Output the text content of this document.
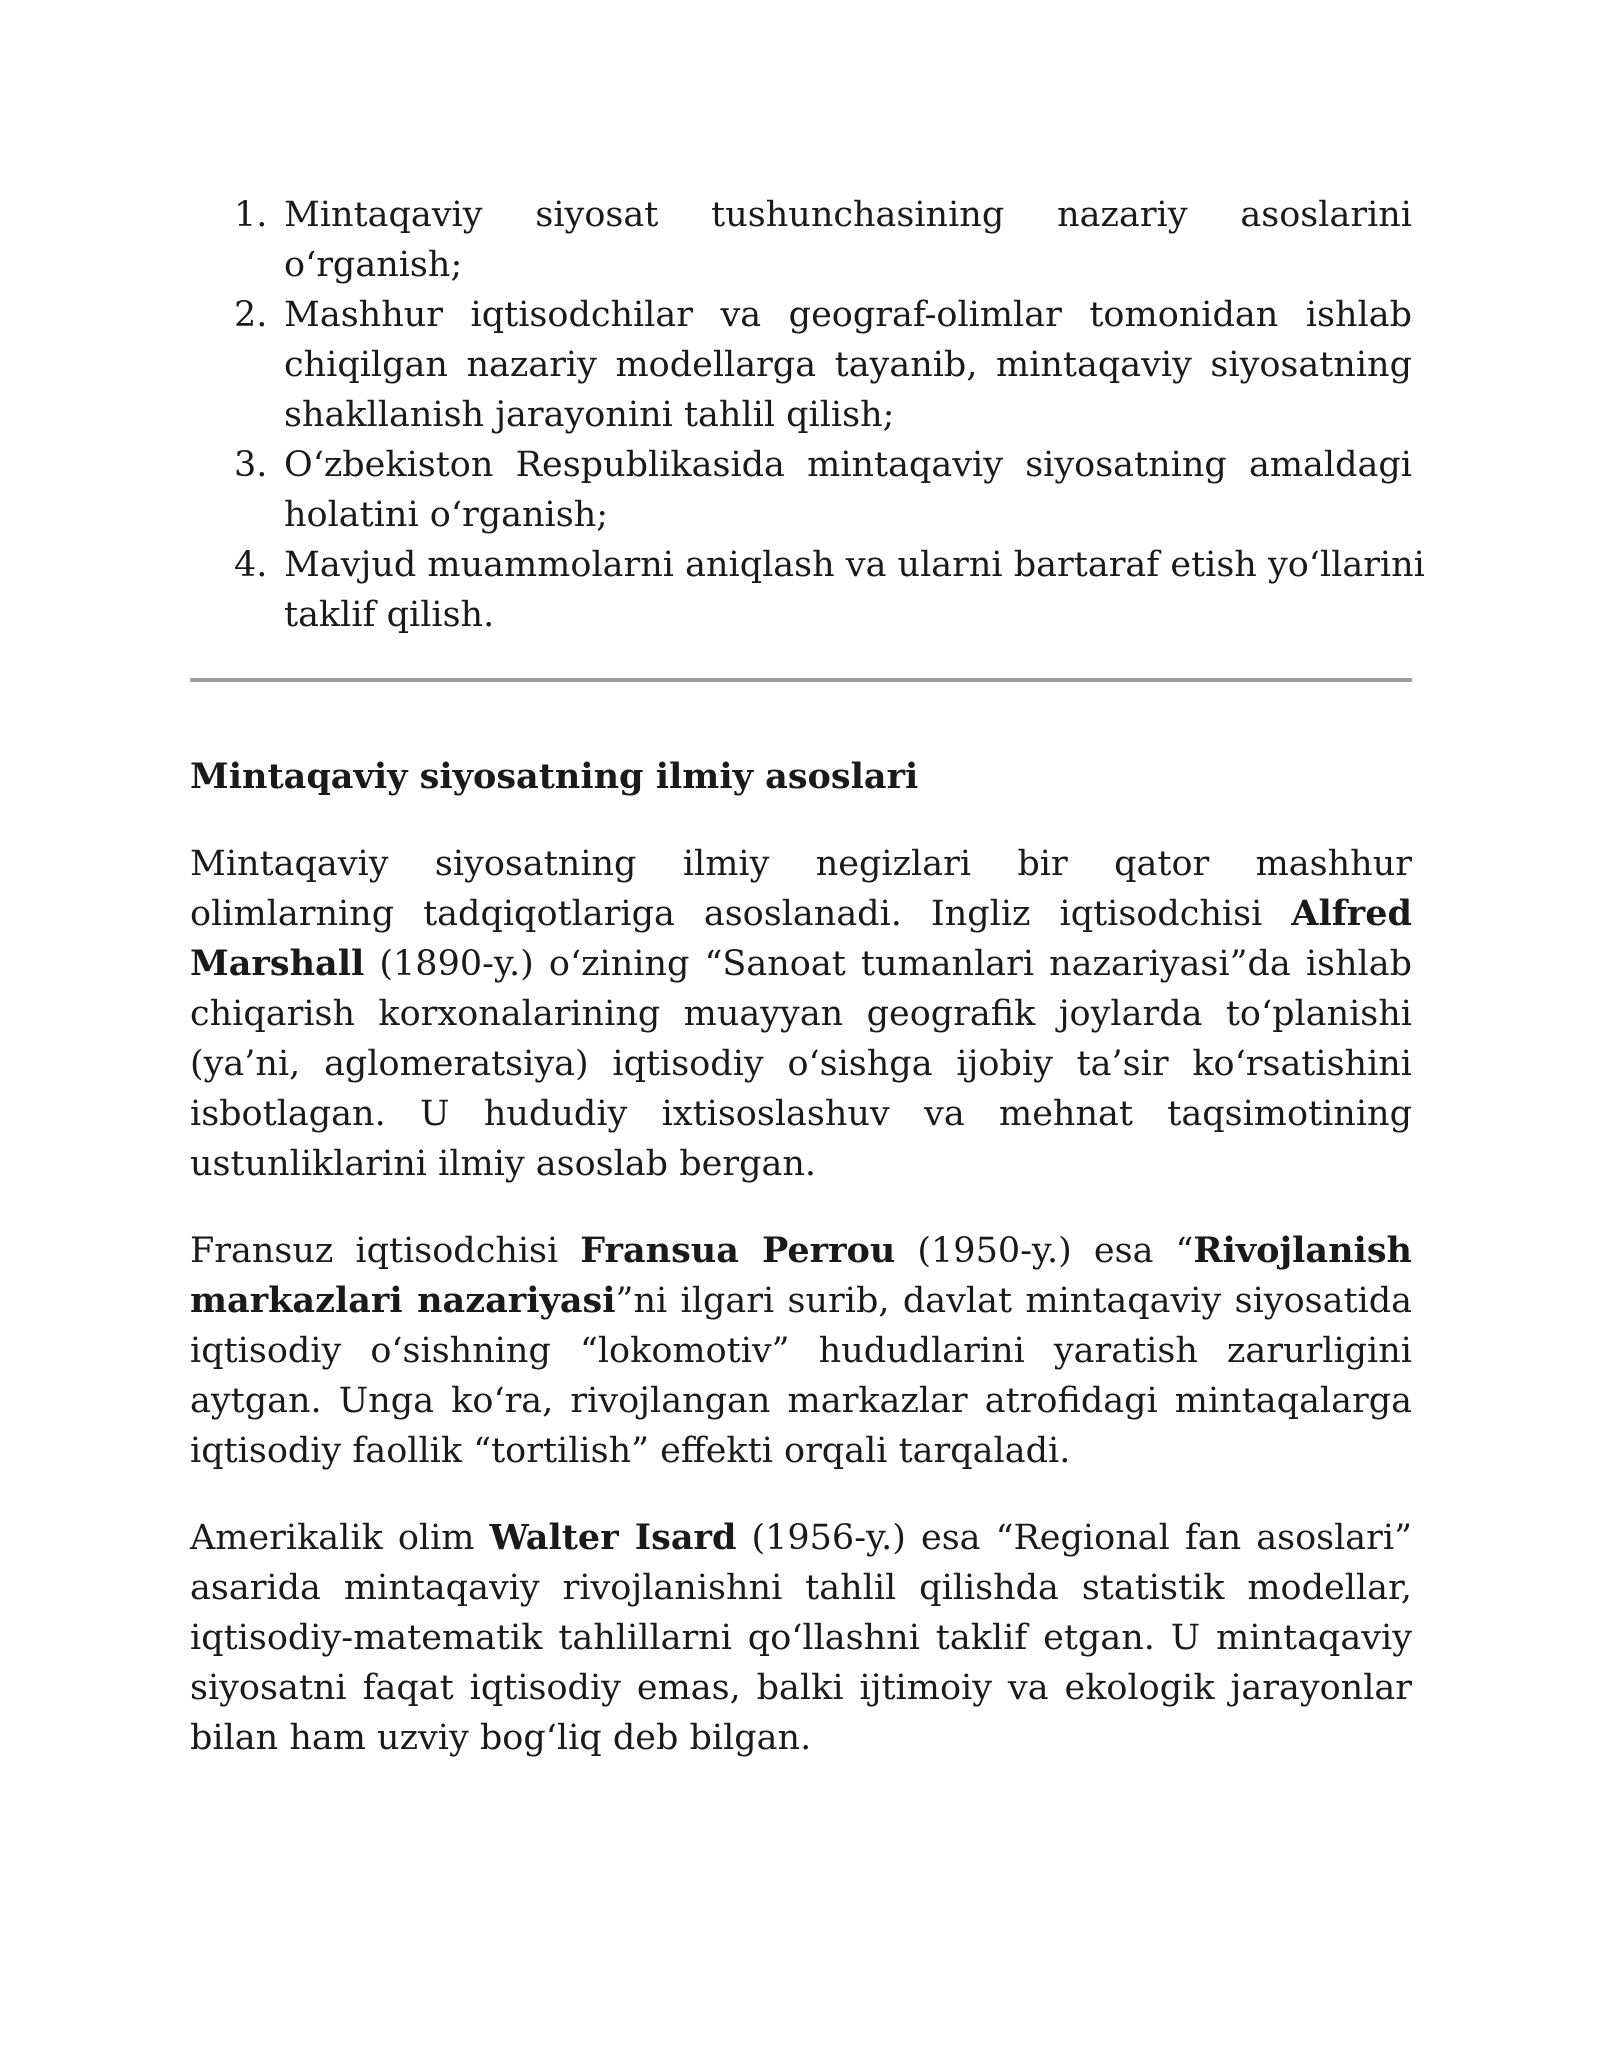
1. Mintaqaviy siyosat tushunchasining nazariy asoslarini o‘rganish;
2. Mashhur iqtisodchilar va geograf-olimlar tomonidan ishlab chiqilgan nazariy modellarga tayanib, mintaqaviy siyosatning shakllanish jarayonini tahlil qilish;
3. O‘zbekiston Respublikasida mintaqaviy siyosatning amaldagi holatini o‘rganish;
4. Mavjud muammolarni aniqlash va ularni bartaraf etish yo‘llarini taklif qilish.
Mintaqaviy siyosatning ilmiy asoslari

Mintaqaviy siyosatning ilmiy negizlari bir qator mashhur olimlarning tadqiqotlariga asoslanadi. Ingliz iqtisodchisi Alfred Marshall (1890-y.) o‘zining “Sanoat tumanlari nazariyasi”da ishlab chiqarish korxonalarining muayyan geografik joylarda to‘planishi (ya’ni, aglomeratsiya) iqtisodiy o‘sishga ijobiy ta’sir ko‘rsatishini isbotlagan. U hududiy ixtisoslashuv va mehnat taqsimotining ustunliklarini ilmiy asoslab bergan.

Fransuz iqtisodchisi Fransua Perrou (1950-y.) esa “Rivojlanish markazlari nazariyasi”ni ilgari surib, davlat mintaqaviy siyosatida iqtisodiy o‘sishning “lokomotiv” hududlarini yaratish zarurligini aytgan. Unga ko‘ra, rivojlangan markazlar atrofidagi mintaqalarga iqtisodiy faollik “tortilish” effekti orqali tarqaladi.

Amerikalik olim Walter Isard (1956-y.) esa “Regional fan asoslari” asarida mintaqaviy rivojlanishni tahlil qilishda statistik modellar, iqtisodiy-matematik tahlillarni qo‘llashni taklif etgan. U mintaqaviy siyosatni faqat iqtisodiy emas, balki ijtimoiy va ekologik jarayonlar bilan ham uzviy bog‘liq deb bilgan.
